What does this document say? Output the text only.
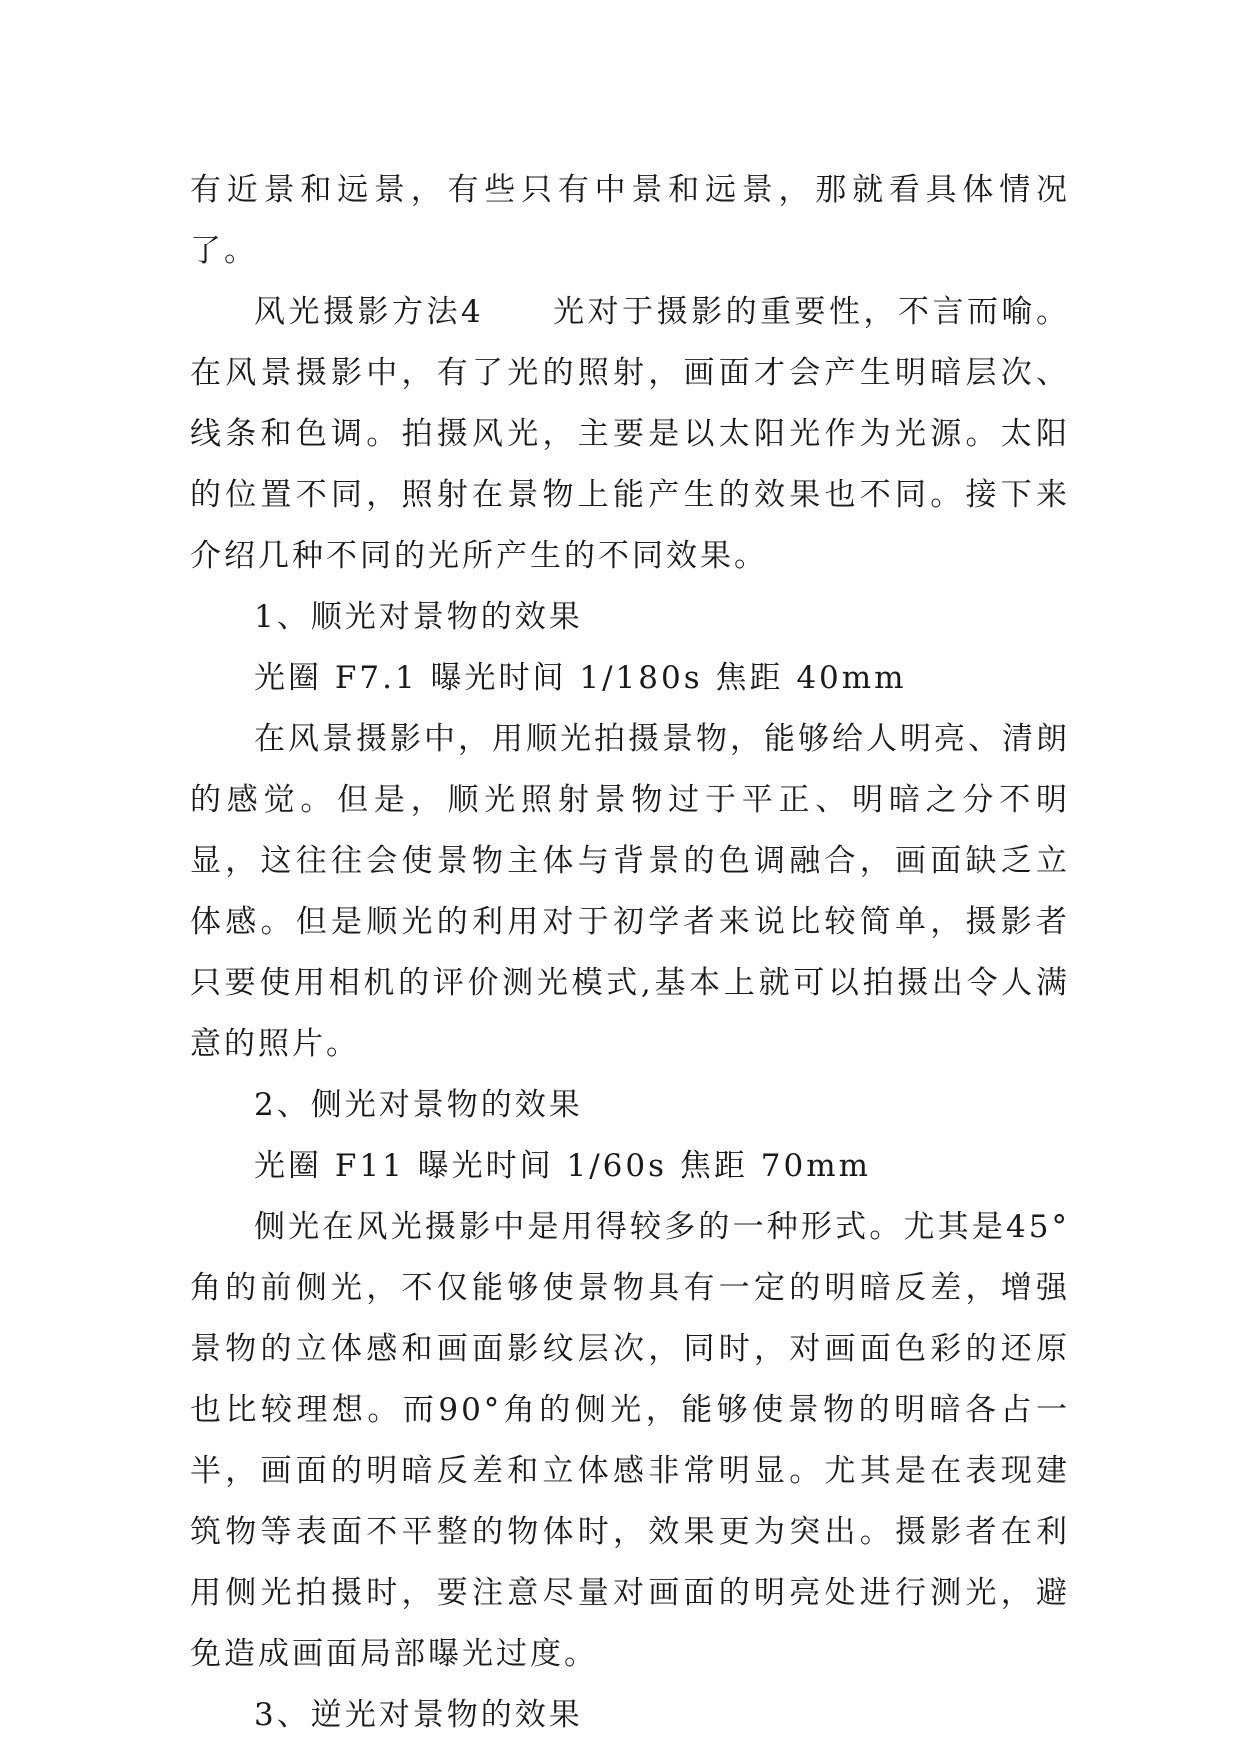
有近景和远景，有些只有中景和远景，那就看具体情况了。

风光摄影方法4　　光对于摄影的重要性，不言而喻。在风景摄影中，有了光的照射，画面才会产生明暗层次、线条和色调。拍摄风光，主要是以太阳光作为光源。太阳的位置不同，照射在景物上能产生的效果也不同。接下来介绍几种不同的光所产生的不同效果。

1、顺光对景物的效果

光圈 F7.1 曝光时间 1/180s 焦距 40mm

在风景摄影中，用顺光拍摄景物，能够给人明亮、清朗的感觉。但是，顺光照射景物过于平正、明暗之分不明显，这往往会使景物主体与背景的色调融合，画面缺乏立体感。但是顺光的利用对于初学者来说比较简单，摄影者只要使用相机的评价测光模式,基本上就可以拍摄出令人满意的照片。

2、侧光对景物的效果

光圈 F11 曝光时间 1/60s 焦距 70mm

侧光在风光摄影中是用得较多的一种形式。尤其是45°角的前侧光，不仅能够使景物具有一定的明暗反差，增强景物的立体感和画面影纹层次，同时，对画面色彩的还原也比较理想。而90°角的侧光，能够使景物的明暗各占一半，画面的明暗反差和立体感非常明显。尤其是在表现建筑物等表面不平整的物体时，效果更为突出。摄影者在利用侧光拍摄时，要注意尽量对画面的明亮处进行测光，避免造成画面局部曝光过度。

3、逆光对景物的效果
